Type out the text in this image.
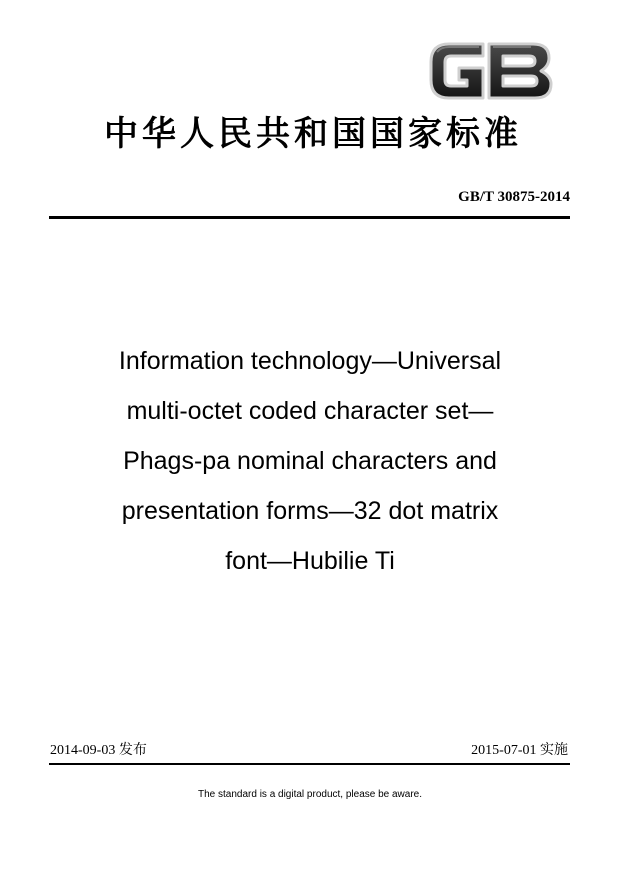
中华人民共和国国家标准
GB/T 30875-2014
Information technology—Universal
multi-octet coded character set—
Phags-pa nominal characters and
presentation forms—32 dot matrix
font—Hubilie Ti
2014-09-03 发布	2015-07-01 实施
The standard is a digital product, please be aware.
